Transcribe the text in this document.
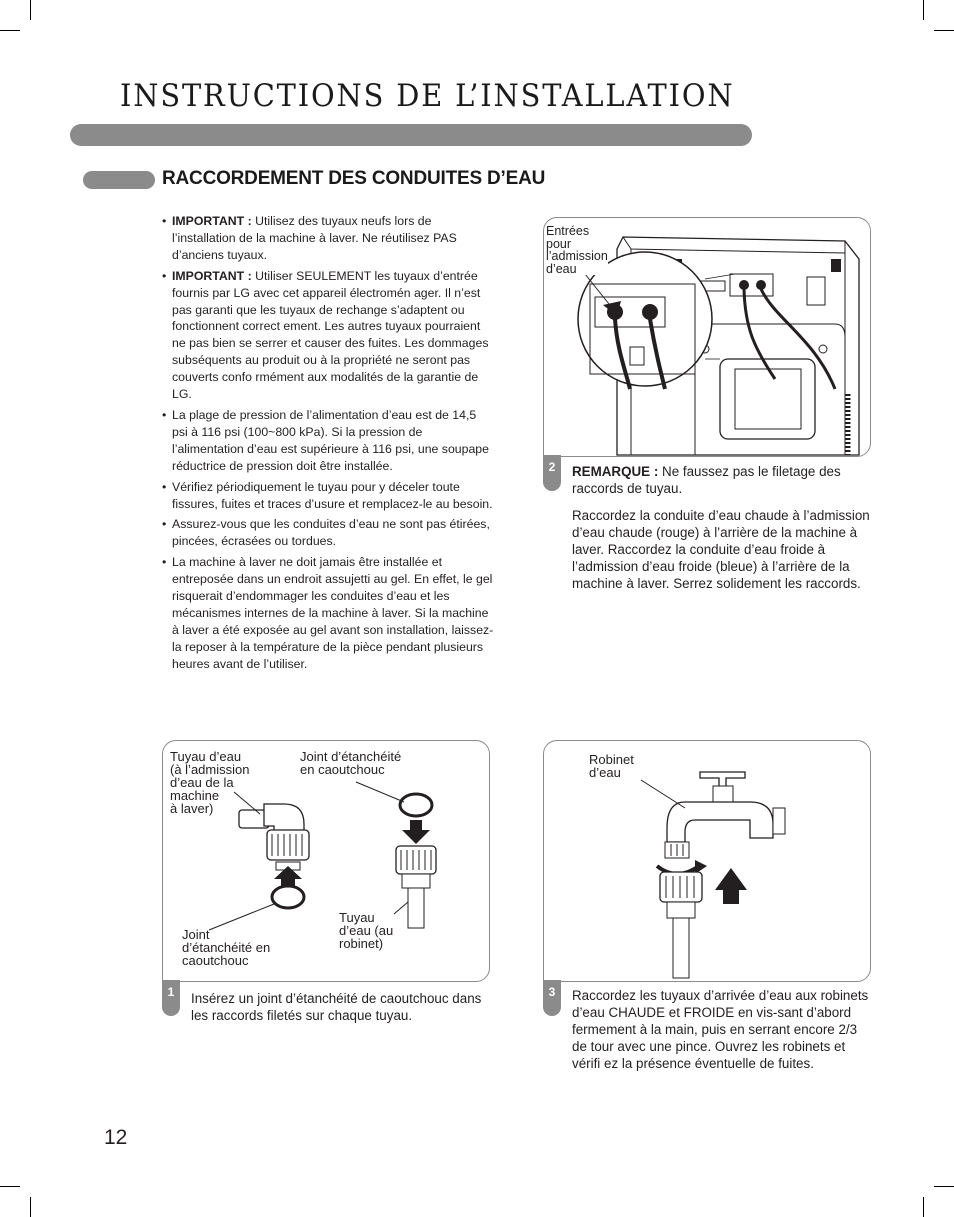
INSTRUCTIONS DE L’INSTALLATION
RACCORDEMENT DES CONDUITES D’EAU
• IMPORTANT : Utilisez des tuyaux neufs lors de l’installation de la machine à laver. Ne réutilisez PAS d’anciens tuyaux.
• IMPORTANT : Utiliser SEULEMENT les tuyaux d’entrée fournis par LG avec cet appareil électromén ager. Il n’est pas garanti que les tuyaux de rechange s’adaptent ou fonctionnent correct ement. Les autres tuyaux pourraient ne pas bien se serrer et causer des fuites. Les dommages subséquents au produit ou à la propriété ne seront pas couverts confo rmément aux modalités de la garantie de LG.
• La plage de pression de l’alimentation d’eau est de 14,5 psi à 116 psi (100~800 kPa). Si la pression de l’alimentation d’eau est supérieure à 116 psi, une soupape réductrice de pression doit être installée.
• Vérifiez périodiquement le tuyau pour y déceler toute fissures, fuites et traces d’usure et remplacez-le au besoin.
• Assurez-vous que les conduites d’eau ne sont pas étirées, pincées, écrasées ou tordues.
• La machine à laver ne doit jamais être installée et entreposée dans un endroit assujetti au gel. En effet, le gel risquerait d’endommager les conduites d’eau et les mécanismes internes de la machine à laver. Si la machine à laver a été exposée au gel avant son installation, laissez-la reposer à la température de la pièce pendant plusieurs heures avant de l’utiliser.
Entrées
pour
l’admission
d’eau
2	REMARQUE : Ne faussez pas le filetage des raccords de tuyau.
Raccordez la conduite d’eau chaude à l’admission d’eau chaude (rouge) à l’arrière de la machine à laver. Raccordez la conduite d’eau froide à l’admission d’eau froide (bleue) à l’arrière de la machine à laver. Serrez solidement les raccords.
Tuyau d’eau
(à l’admission
d’eau de la
machine
à laver)
Joint d’étanchéité
en caoutchouc
Joint
d’étanchéité en
caoutchouc
Tuyau
d’eau (au
robinet)
1	Insérez un joint d’étanchéité de caoutchouc dans les raccords filetés sur chaque tuyau.
Robinet
d’eau
3	Raccordez les tuyaux d’arrivée d’eau aux robinets d’eau CHAUDE et FROIDE en vis-sant d’abord fermement à la main, puis en serrant encore 2/3 de tour avec une pince. Ouvrez les robinets et vérifi ez la présence éventuelle de fuites.
12
